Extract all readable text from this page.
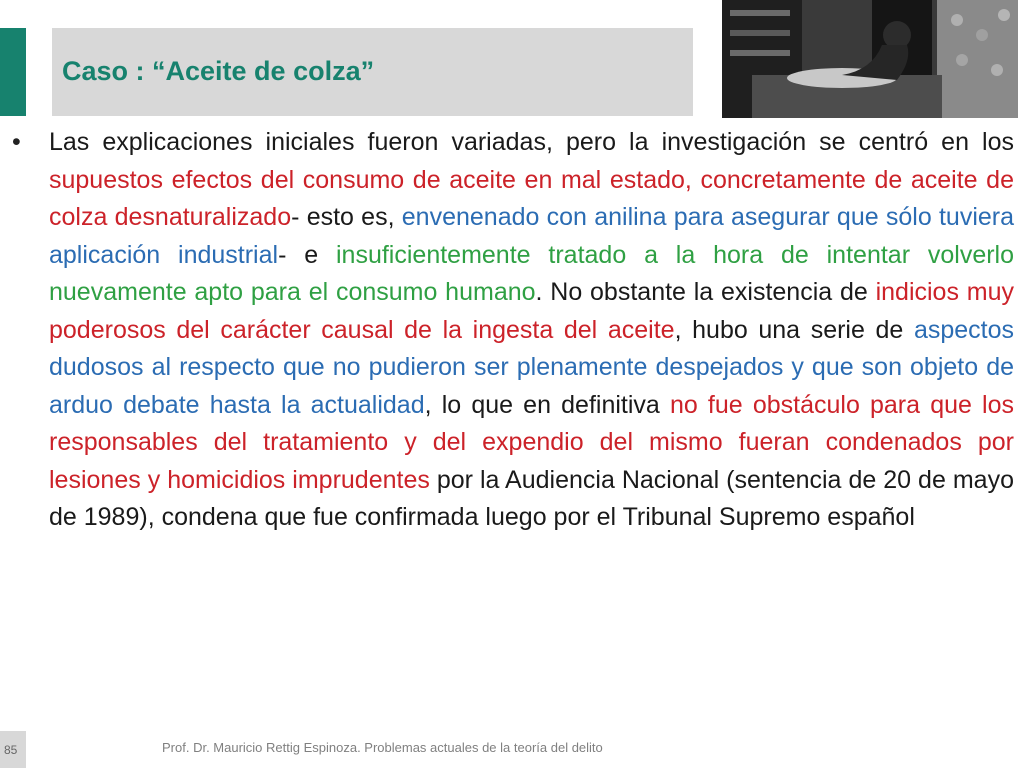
Caso : “Aceite de colza”
• Las explicaciones iniciales fueron variadas, pero la investigación se centró en los supuestos efectos del consumo de aceite en mal estado, concretamente de aceite de colza desnaturalizado- esto es, envenenado con anilina para asegurar que sólo tuviera aplicación industrial- e insuficientemente tratado a la hora de intentar volverlo nuevamente apto para el consumo humano. No obstante la existencia de indicios muy poderosos del carácter causal de la ingesta del aceite, hubo una serie de aspectos dudosos al respecto que no pudieron ser plenamente despejados y que son objeto de arduo debate hasta la actualidad, lo que en definitiva no fue obstáculo para que los responsables del tratamiento y del expendio del mismo fueran condenados por lesiones y homicidios imprudentes por la Audiencia Nacional (sentencia de 20 de mayo de 1989), condena que fue confirmada luego por el Tribunal Supremo español

85	Prof. Dr. Mauricio Rettig Espinoza. Problemas actuales de la teoría del delito
